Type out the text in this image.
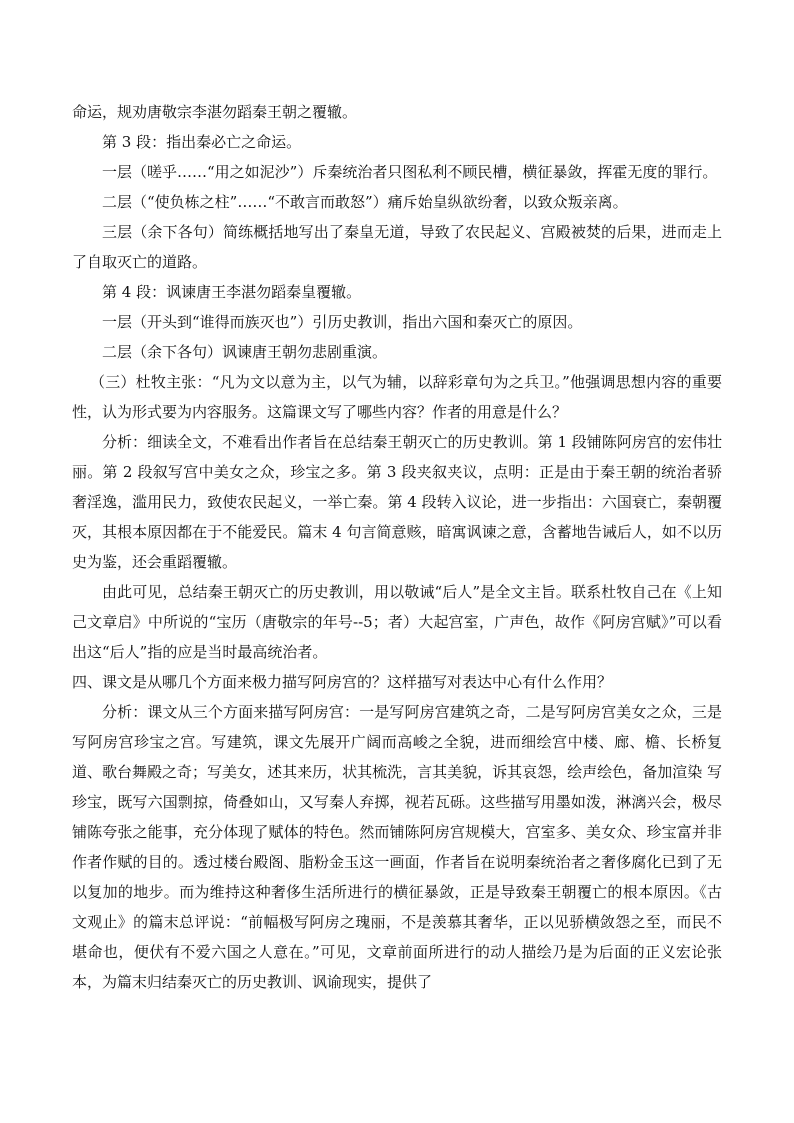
命运，规劝唐敬宗李湛勿蹈秦王朝之覆辙。

第 3 段：指出秦必亡之命运。

一层（嗟乎……“用之如泥沙”）斥秦统治者只图私利不顾民槽，横征暴敛，挥霍无度的罪行。

二层（“使负栋之柱”……“不敢言而敢怒”）痛斥始皇纵欲纷奢，以致众叛亲离。

三层（余下各句）简练概括地写出了秦皇无道，导致了农民起义、宫殿被焚的后果，进而走上了自取灭亡的道路。

第 4 段：讽谏唐王李湛勿蹈秦皇覆辙。

一层（开头到“谁得而族灭也”）引历史教训，指出六国和秦灭亡的原因。

二层（余下各句）讽谏唐王朝勿悲剧重演。

（三）杜牧主张：“凡为文以意为主，以气为辅，以辞彩章句为之兵卫。”他强调思想内容的重要性，认为形式要为内容服务。这篇课文写了哪些内容？作者的用意是什么？

分析：细读全文，不难看出作者旨在总结秦王朝灭亡的历史教训。第 1 段铺陈阿房宫的宏伟壮丽。第 2 段叙写宫中美女之众，珍宝之多。第 3 段夹叙夹议，点明：正是由于秦王朝的统治者骄奢淫逸，滥用民力，致使农民起义，一举亡秦。第 4 段转入议论，进一步指出：六国衰亡，秦朝覆灭，其根本原因都在于不能爱民。篇末 4 句言简意赅，暗寓讽谏之意，含蓄地告诫后人，如不以历史为鉴，还会重蹈覆辙。

由此可见，总结秦王朝灭亡的历史教训，用以敬诫“后人”是全文主旨。联系杜牧自己在《上知己文章启》中所说的“宝历（唐敬宗的年号--5；者）大起宫室，广声色，故作《阿房宫赋》”可以看出这“后人”指的应是当时最高统治者。

四、课文是从哪几个方面来极力描写阿房宫的？这样描写对表达中心有什么作用？

分析：课文从三个方面来描写阿房宫：一是写阿房宫建筑之奇，二是写阿房宫美女之众，三是写阿房宫珍宝之宫。写建筑，课文先展开广阔而高峻之全貌，进而细绘宫中楼、廊、檐、长桥复道、歌台舞殿之奇；写美女，述其来历，状其梳洗，言其美貌，诉其哀怨，绘声绘色，备加渲染 写珍宝，既写六国剽掠，倚叠如山，又写秦人弃掷，视若瓦砾。这些描写用墨如泼，淋漓兴会，极尽铺陈夸张之能事，充分体现了赋体的特色。然而铺陈阿房宫规模大，宫室多、美女众、珍宝富并非作者作赋的目的。透过楼台殿阁、脂粉金玉这一画面，作者旨在说明秦统治者之奢侈腐化已到了无以复加的地步。而为维持这种奢侈生活所进行的横征暴敛，正是导致秦王朝覆亡的根本原因。《古文观止》的篇末总评说：“前幅极写阿房之瑰丽，不是羡慕其奢华，正以见骄横敛怨之至，而民不堪命也，便伏有不爱六国之人意在。”可见，文章前面所进行的动人描绘乃是为后面的正义宏论张本，为篇末归结秦灭亡的历史教训、讽谕现实，提供了
